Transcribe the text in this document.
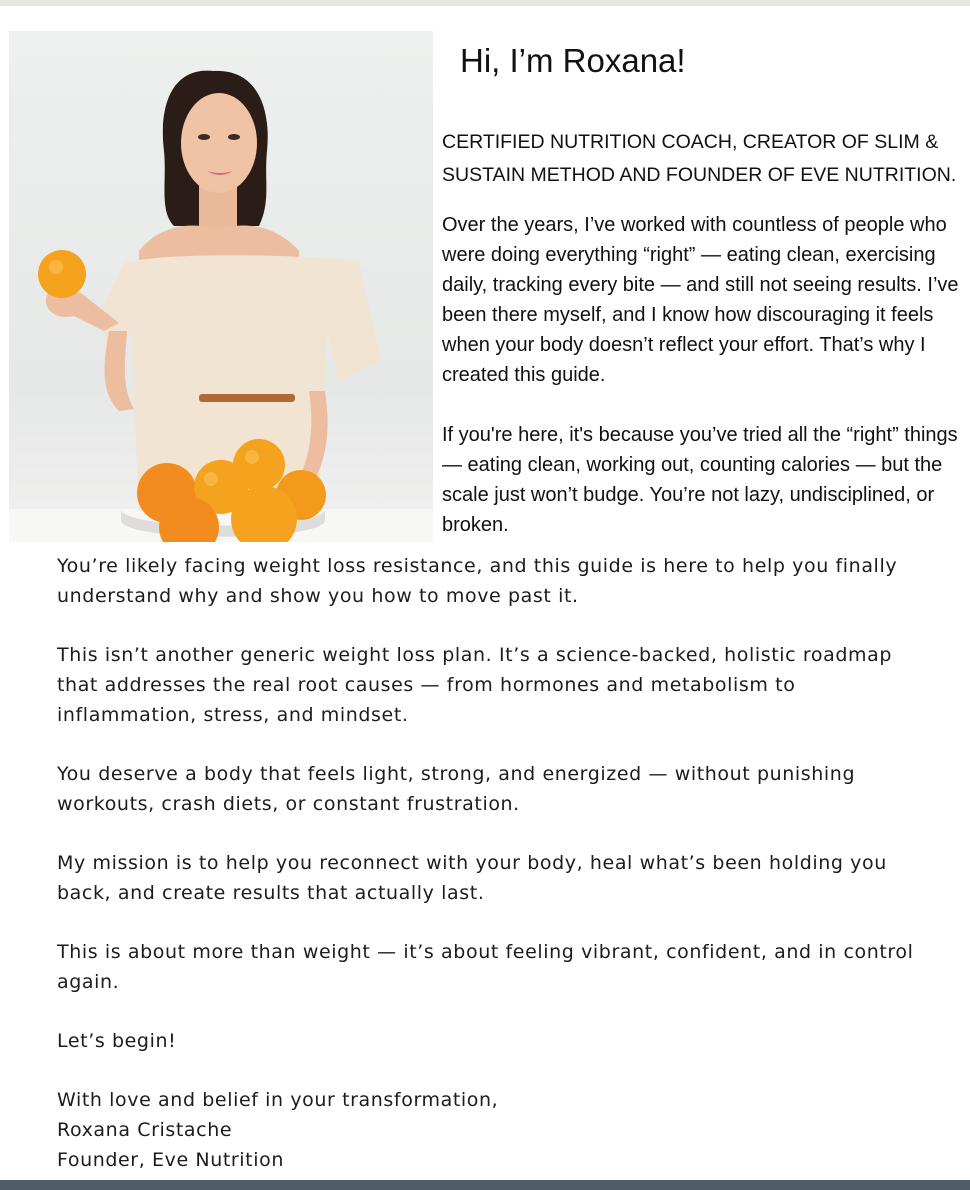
Hi, I’m Roxana!

CERTIFIED NUTRITION COACH, CREATOR OF SLIM & SUSTAIN METHOD AND FOUNDER OF EVE NUTRITION.

Over the years, I’ve worked with countless of people who were doing everything “right” — eating clean, exercising daily, tracking every bite — and still not seeing results. I’ve been there myself, and I know how discouraging it feels when your body doesn’t reflect your effort. That’s why I created this guide.

If you're here, it's because you’ve tried all the “right” things — eating clean, working out, counting calories — but the scale just won’t budge. You’re not lazy, undisciplined, or broken.

You’re likely facing weight loss resistance, and this guide is here to help you finally understand why and show you how to move past it.

This isn’t another generic weight loss plan. It’s a science-backed, holistic roadmap that addresses the real root causes — from hormones and metabolism to inflammation, stress, and mindset.

You deserve a body that feels light, strong, and energized — without punishing workouts, crash diets, or constant frustration.

My mission is to help you reconnect with your body, heal what’s been holding you back, and create results that actually last.

This is about more than weight — it’s about feeling vibrant, confident, and in control again.

Let’s begin!

With love and belief in your transformation,

Roxana Cristache

Founder, Eve Nutrition
